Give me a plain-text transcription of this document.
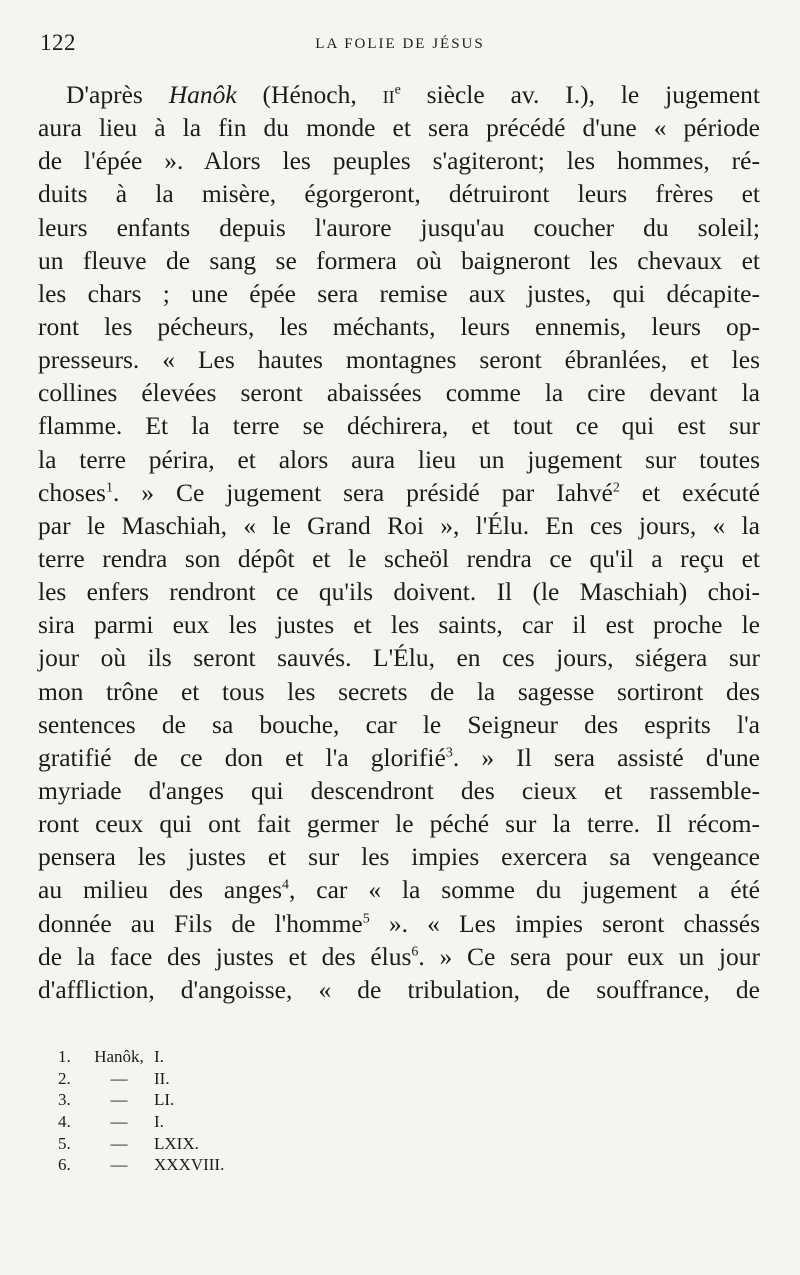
122	LA FOLIE DE JÉSUS
D'après Hanôk (Hénoch, ii$^e$ siècle av. I.), le jugement
aura lieu à la fin du monde et sera précédé d'une « période
de l'épée ». Alors les peuples s'agiteront; les hommes, ré-
duits à la misère, égorgeront, détruiront leurs frères et
leurs enfants depuis l'aurore jusqu'au coucher du soleil;
un fleuve de sang se formera où baigneront les chevaux et
les chars ; une épée sera remise aux justes, qui décapite-
ront les pécheurs, les méchants, leurs ennemis, leurs op-
presseurs. « Les hautes montagnes seront ébranlées, et les
collines élevées seront abaissées comme la cire devant la
flamme. Et la terre se déchirera, et tout ce qui est sur
la terre périra, et alors aura lieu un jugement sur toutes
choses$^1$. » Ce jugement sera présidé par Iahvé$^2$ et exécuté
par le Maschiah, « le Grand Roi », l'Élu. En ces jours, « la
terre rendra son dépôt et le scheöl rendra ce qu'il a reçu et
les enfers rendront ce qu'ils doivent. Il (le Maschiah) choi-
sira parmi eux les justes et les saints, car il est proche le
jour où ils seront sauvés. L'Élu, en ces jours, siégera sur
mon trône et tous les secrets de la sagesse sortiront des
sentences de sa bouche, car le Seigneur des esprits l'a
gratifié de ce don et l'a glorifié$^3$. » Il sera assisté d'une
myriade d'anges qui descendront des cieux et rassemble-
ront ceux qui ont fait germer le péché sur la terre. Il récom-
pensera les justes et sur les impies exercera sa vengeance
au milieu des anges$^4$, car « la somme du jugement a été
donnée au Fils de l'homme$^5$ ». « Les impies seront chassés
de la face des justes et des élus$^6$. » Ce sera pour eux un jour
d'affliction, d'angoisse, « de tribulation, de souffrance, de
1. Hanôk, I.
2. — II.
3. — LI.
4. — I.
5. — LXIX.
6. — XXXVIII.
